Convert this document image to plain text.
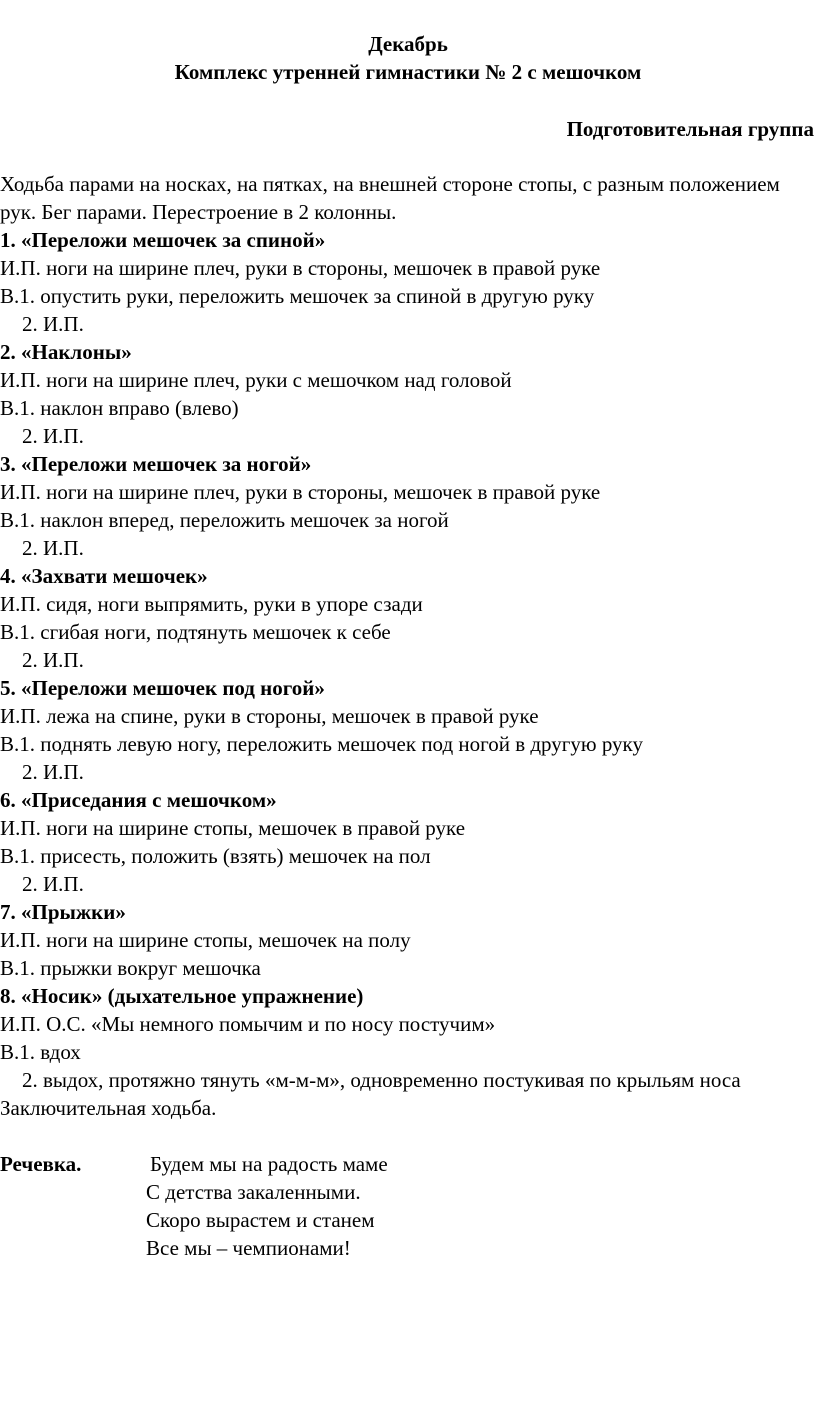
Декабрь
Комплекс утренней гимнастики № 2 с мешочком
Подготовительная группа
Ходьба парами на носках, на пятках, на внешней стороне стопы, с разным положением рук. Бег парами. Перестроение в 2 колонны.
1. «Переложи мешочек за спиной»
И.П. ноги на ширине плеч, руки в стороны, мешочек в правой руке
В.1. опустить руки, переложить мешочек за спиной в другую руку
2. И.П.
2. «Наклоны»
И.П. ноги на ширине плеч, руки с мешочком над головой
В.1. наклон вправо (влево)
2. И.П.
3. «Переложи мешочек за ногой»
И.П. ноги на ширине плеч, руки в стороны, мешочек в правой руке
В.1. наклон вперед, переложить мешочек за ногой
2. И.П.
4. «Захвати мешочек»
И.П. сидя, ноги выпрямить, руки в упоре сзади
В.1. сгибая ноги, подтянуть мешочек к себе
2. И.П.
5. «Переложи мешочек под ногой»
И.П. лежа на спине, руки в стороны, мешочек в правой руке
В.1. поднять левую ногу, переложить мешочек под ногой в другую руку
2. И.П.
6. «Приседания с мешочком»
И.П. ноги на ширине стопы, мешочек в правой руке
В.1. присесть, положить (взять) мешочек на пол
2. И.П.
7. «Прыжки»
И.П. ноги на ширине стопы, мешочек на полу
В.1. прыжки вокруг мешочка
8. «Носик» (дыхательное упражнение)
И.П. О.С. «Мы немного помычим и по носу постучим»
В.1. вдох
2. выдох, протяжно тянуть «м-м-м», одновременно постукивая по крыльям носа
Заключительная ходьба.
Речевка.	Будем мы на радость маме
С детства закаленными.
Скоро вырастем и станем
Все мы – чемпионами!
